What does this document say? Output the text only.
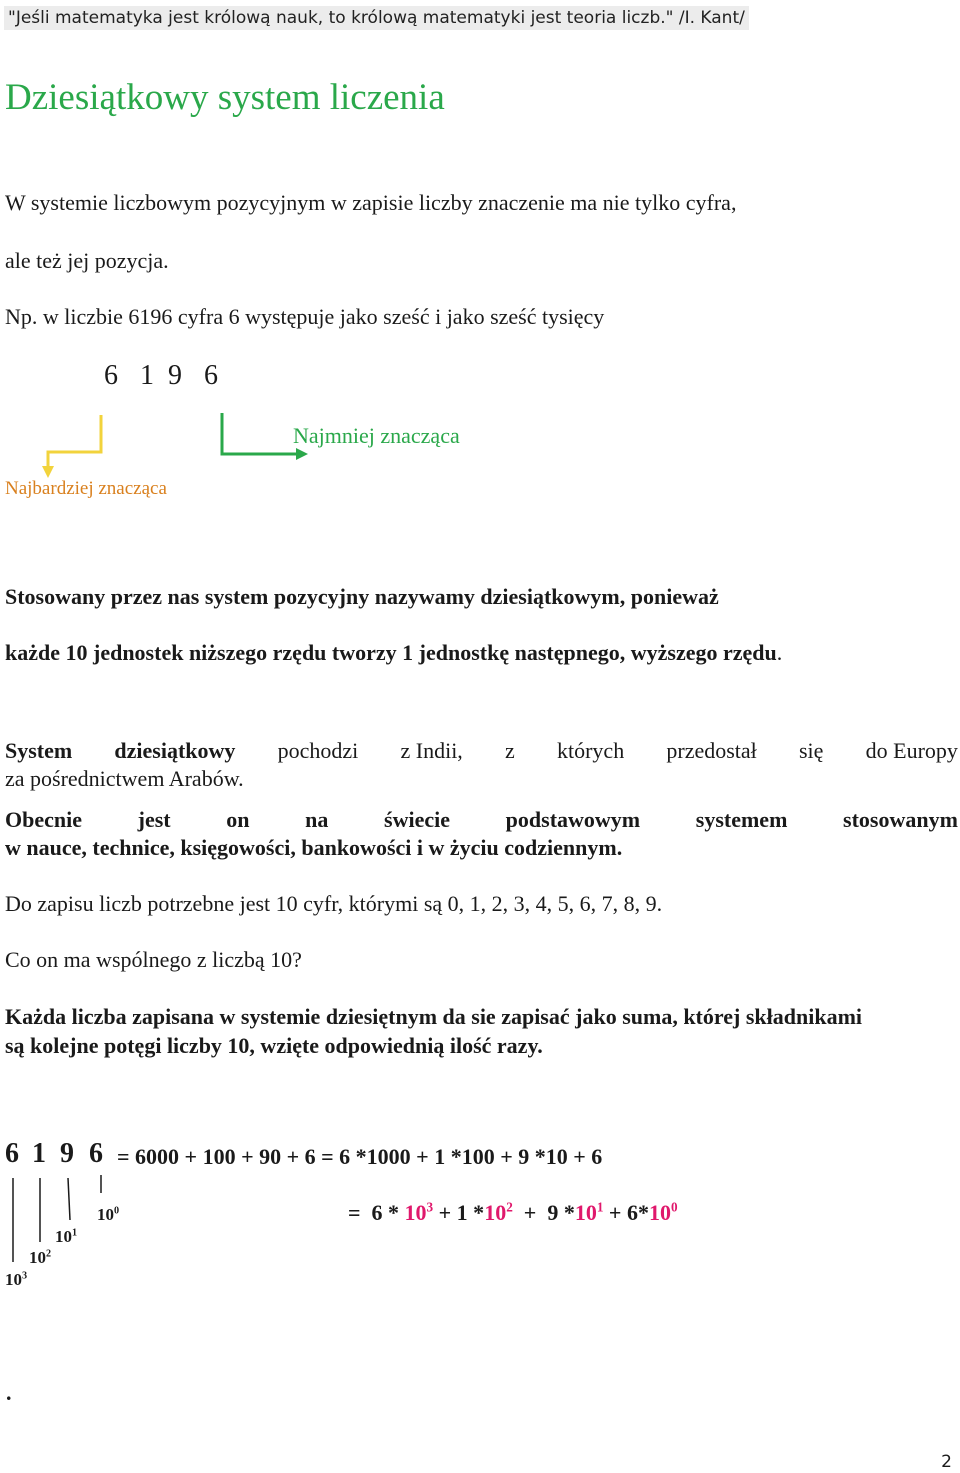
"Jeśli matematyka jest królową nauk, to królową matematyki jest teoria liczb." /I. Kant/
Dziesiątkowy system liczenia
W systemie liczbowym pozycyjnym w zapisie liczby znaczenie ma nie tylko cyfra,
ale też jej pozycja.
Np. w liczbie 6196 cyfra 6 występuje jako sześć i jako sześć tysięcy
6 1 9 6
Najmniej znacząca
Najbardziej znacząca
Stosowany przez nas system pozycyjny nazywamy dziesiątkowym, ponieważ
każde 10 jednostek niższego rzędu tworzy 1 jednostkę następnego, wyższego rzędu.
System dziesiątkowy pochodzi z Indii, z których przedostał się do Europy
za pośrednictwem Arabów.
Obecnie	jest	on	na	świecie	podstawowym	systemem	stosowanym
w nauce, technice, księgowości, bankowości i w życiu codziennym.
Do zapisu liczb potrzebne jest 10 cyfr, którymi są 0, 1, 2, 3, 4, 5, 6, 7, 8, 9.
Co on ma wspólnego z liczbą 10?
Każda liczba zapisana w systemie dziesiętnym da sie zapisać jako suma, której składnikami
są kolejne potęgi liczby 10, wzięte odpowiednią ilość razy.
6 1 9 6 = 6000 + 100 + 90 + 6 = 6 *1000 + 1 *100 + 9 *10 + 6
=  $6 * 10^3 + 1$ $*10^2 + 9$ $*10^1 + 6*10^0$
$10^0$
$10^1$
$10^2$
$10^3$
.
2
